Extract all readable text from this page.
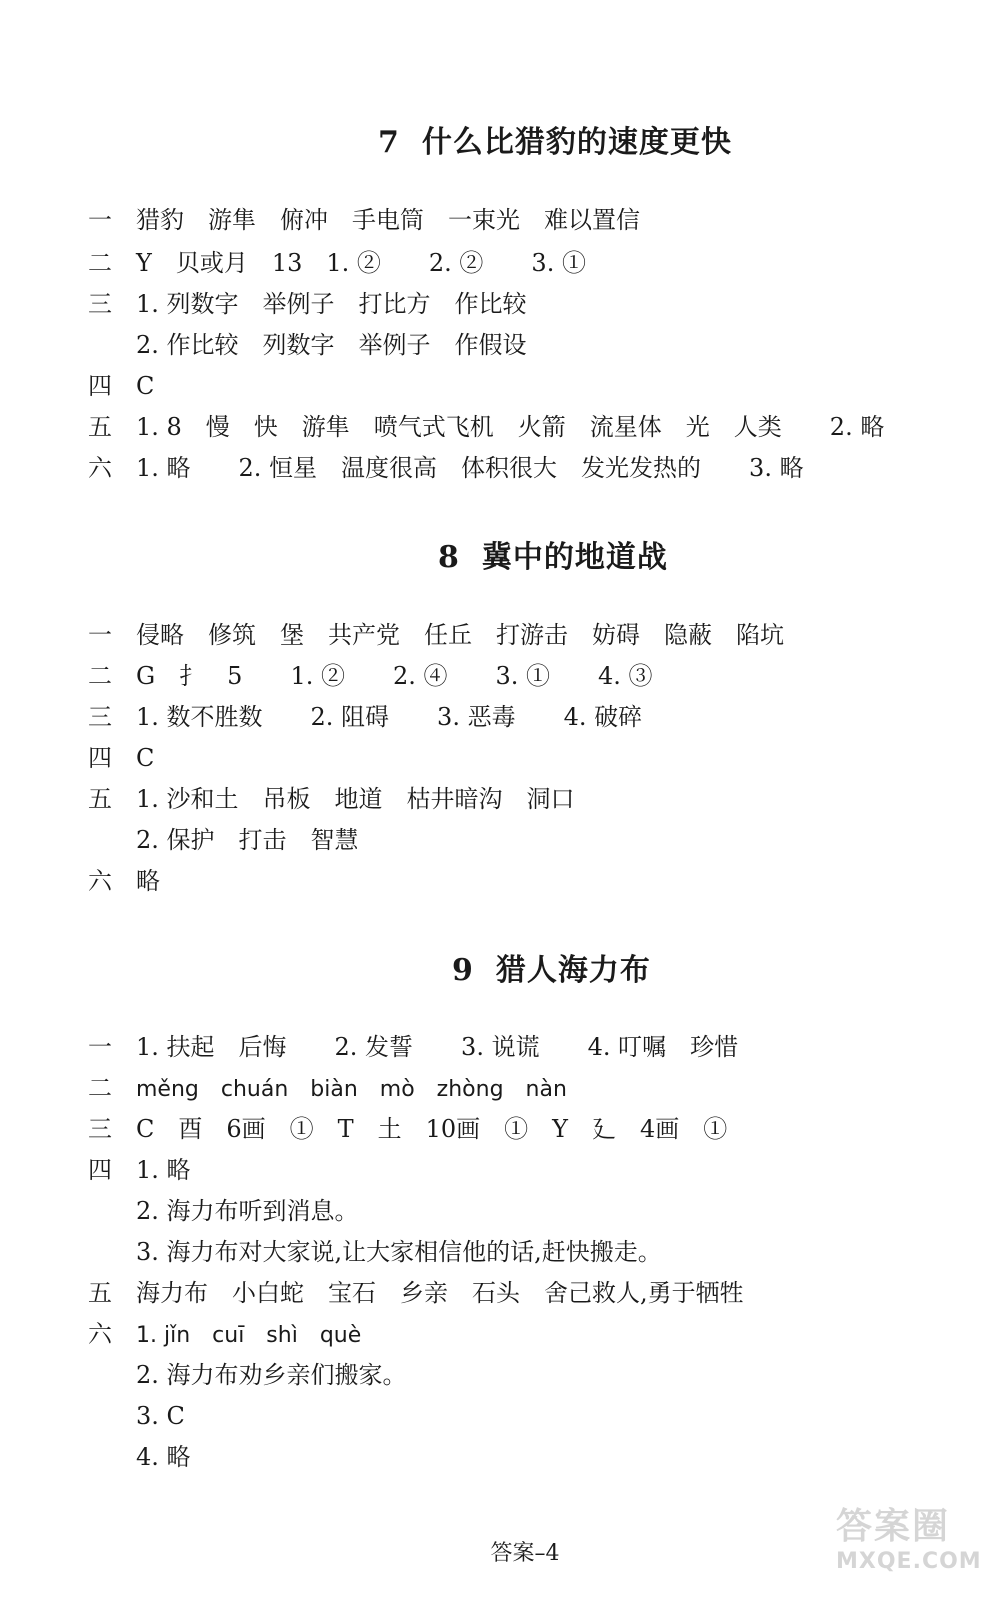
7 什么比猎豹的速度更快
一 猎豹　游隼　俯冲　手电筒　一束光　难以置信
二 Y　贝或月　13　1. ②　　2. ②　　3. ①
三 1. 列数字　举例子　打比方　作比较
2. 作比较　列数字　举例子　作假设
四 C
五 1. 8　慢　快　游隼　喷气式飞机　火箭　流星体　光　人类　　2. 略
六 1. 略　　2. 恒星　温度很高　体积很大　发光发热的　　3. 略
8 冀中的地道战
一 侵略　修筑　堡　共产党　任丘　打游击　妨碍　隐蔽　陷坑
二 G　扌　5　　1. ②　　2. ④　　3. ①　　4. ③
三 1. 数不胜数　　2. 阻碍　　3. 恶毒　　4. 破碎
四 C
五 1. 沙和土　吊板　地道　枯井暗沟　洞口
2. 保护　打击　智慧
六 略
9 猎人海力布
一 1. 扶起　后悔　　2. 发誓　　3. 说谎　　4. 叮嘱　珍惜
二 měng　chuán　biàn　mò　zhòng　nàn
三 C　酉　6画　①　T　土　10画　①　Y　廴　4画　①
四 1. 略
2. 海力布听到消息。
3. 海力布对大家说,让大家相信他的话,赶快搬走。
五 海力布　小白蛇　宝石　乡亲　石头　舍己救人,勇于牺牲
六 1. jǐn　cuī　shì　què
2. 海力布劝乡亲们搬家。
3. C
4. 略
答案–4
答案圈
MXQE.COM
